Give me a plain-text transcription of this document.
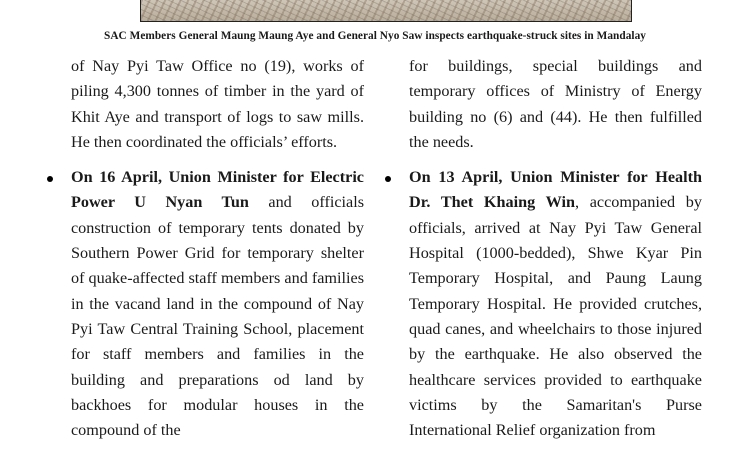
SAC Members General Maung Maung Aye and General Nyo Saw inspects earthquake-struck sites in Mandalay

of Nay Pyi Taw Office no (19), works of piling 4,300 tonnes of timber in the yard of Khit Aye and transport of logs to saw mills. He then coordinated the officials’ efforts.

On 16 April, Union Minister for Electric Power U Nyan Tun and officials construction of temporary tents donated by Southern Power Grid for temporary shelter of quake-affected staff members and families in the vacand land in the compound of Nay Pyi Taw Central Training School, placement for staff members and families in the building and preparations od land by backhoes for modular houses in the compound of the

for buildings, special buildings and temporary offices of Ministry of Energy building no (6) and (44). He then fulfilled the needs.

On 13 April, Union Minister for Health Dr. Thet Khaing Win, accompanied by officials, arrived at Nay Pyi Taw General Hospital (1000-bedded), Shwe Kyar Pin Temporary Hospital, and Paung Laung Temporary Hospital. He provided crutches, quad canes, and wheelchairs to those injured by the earthquake. He also observed the healthcare services provided to earthquake victims by the Samaritan's Purse International Relief organization from
